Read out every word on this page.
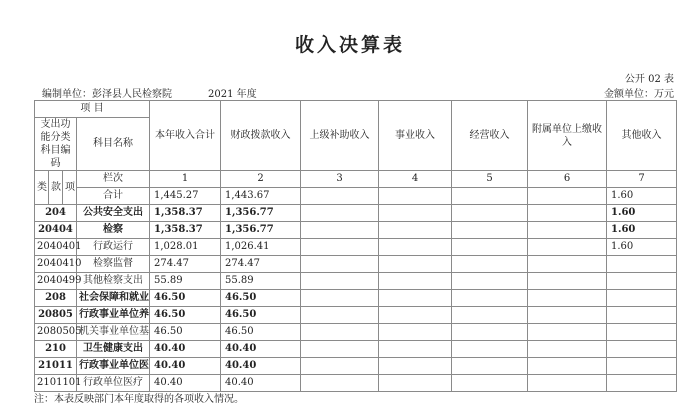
收入决算表
公开 02 表
编制单位：彭泽县人民检察院	2021 年度	金额单位：万元
项 目				本年收入合计	财政拨款收入	上级补助收入	事业收入	经营收入	附属单位上缴收入	其他收入
支出功能分类科目编码			科目名称							
类	款	项	栏次	1	2	3	4	5	6	7
			合计	1,445.27	1,443.67					1.60
204			公共安全支出	1,358.37	1,356.77					1.60
20404			检察	1,358.37	1,356.77					1.60
2040401			行政运行	1,028.01	1,026.41					1.60
2040410			检察监督	274.47	274.47					
2040499			其他检察支出	55.89	55.89					
208			社会保障和就业	46.50	46.50					
20805			行政事业单位养	46.50	46.50					
2080505			机关事业单位基	46.50	46.50					
210			卫生健康支出	40.40	40.40					
21011			行政事业单位医	40.40	40.40					
2101101			行政单位医疗	40.40	40.40					
注：本表反映部门本年度取得的各项收入情况。
